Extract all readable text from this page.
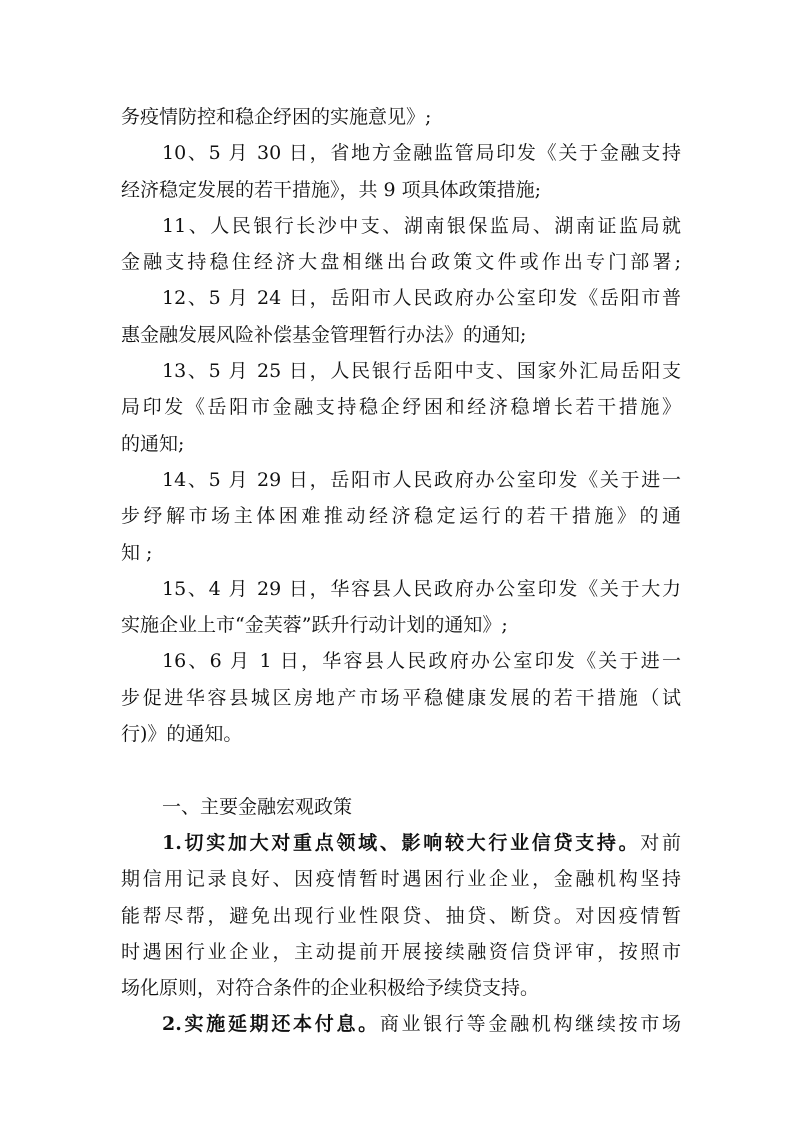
务疫情防控和稳企纾困的实施意见》;
10、5 月 30 日，省地方金融监管局印发《关于金融支持
经济稳定发展的若干措施》，共 9 项具体政策措施;
11、人民银行长沙中支、湖南银保监局、湖南证监局就
金融支持稳住经济大盘相继出台政策文件或作出专门部署;
12、5 月 24 日，岳阳市人民政府办公室印发《岳阳市普
惠金融发展风险补偿基金管理暂行办法》的通知;
13、5 月 25 日，人民银行岳阳中支、国家外汇局岳阳支
局印发《岳阳市金融支持稳企纾困和经济稳增长若干措施》
的通知;
14、5 月 29 日，岳阳市人民政府办公室印发《关于进一
步纾解市场主体困难推动经济稳定运行的若干措施》的通
知 ;
15、4 月 29 日，华容县人民政府办公室印发《关于大力
实施企业上市“金芙蓉”跃升行动计划的通知》;
16、6 月 1 日，华容县人民政府办公室印发《关于进一
步促进华容县城区房地产市场平稳健康发展的若干措施（试
行)》的通知。
一、主要金融宏观政策
1.切实加大对重点领域、影响较大行业信贷支持。对前
期信用记录良好、因疫情暂时遇困行业企业，金融机构坚持
能帮尽帮，避免出现行业性限贷、抽贷、断贷。对因疫情暂
时遇困行业企业，主动提前开展接续融资信贷评审，按照市
场化原则，对符合条件的企业积极给予续贷支持。
2.实施延期还本付息。商业银行等金融机构继续按市场
